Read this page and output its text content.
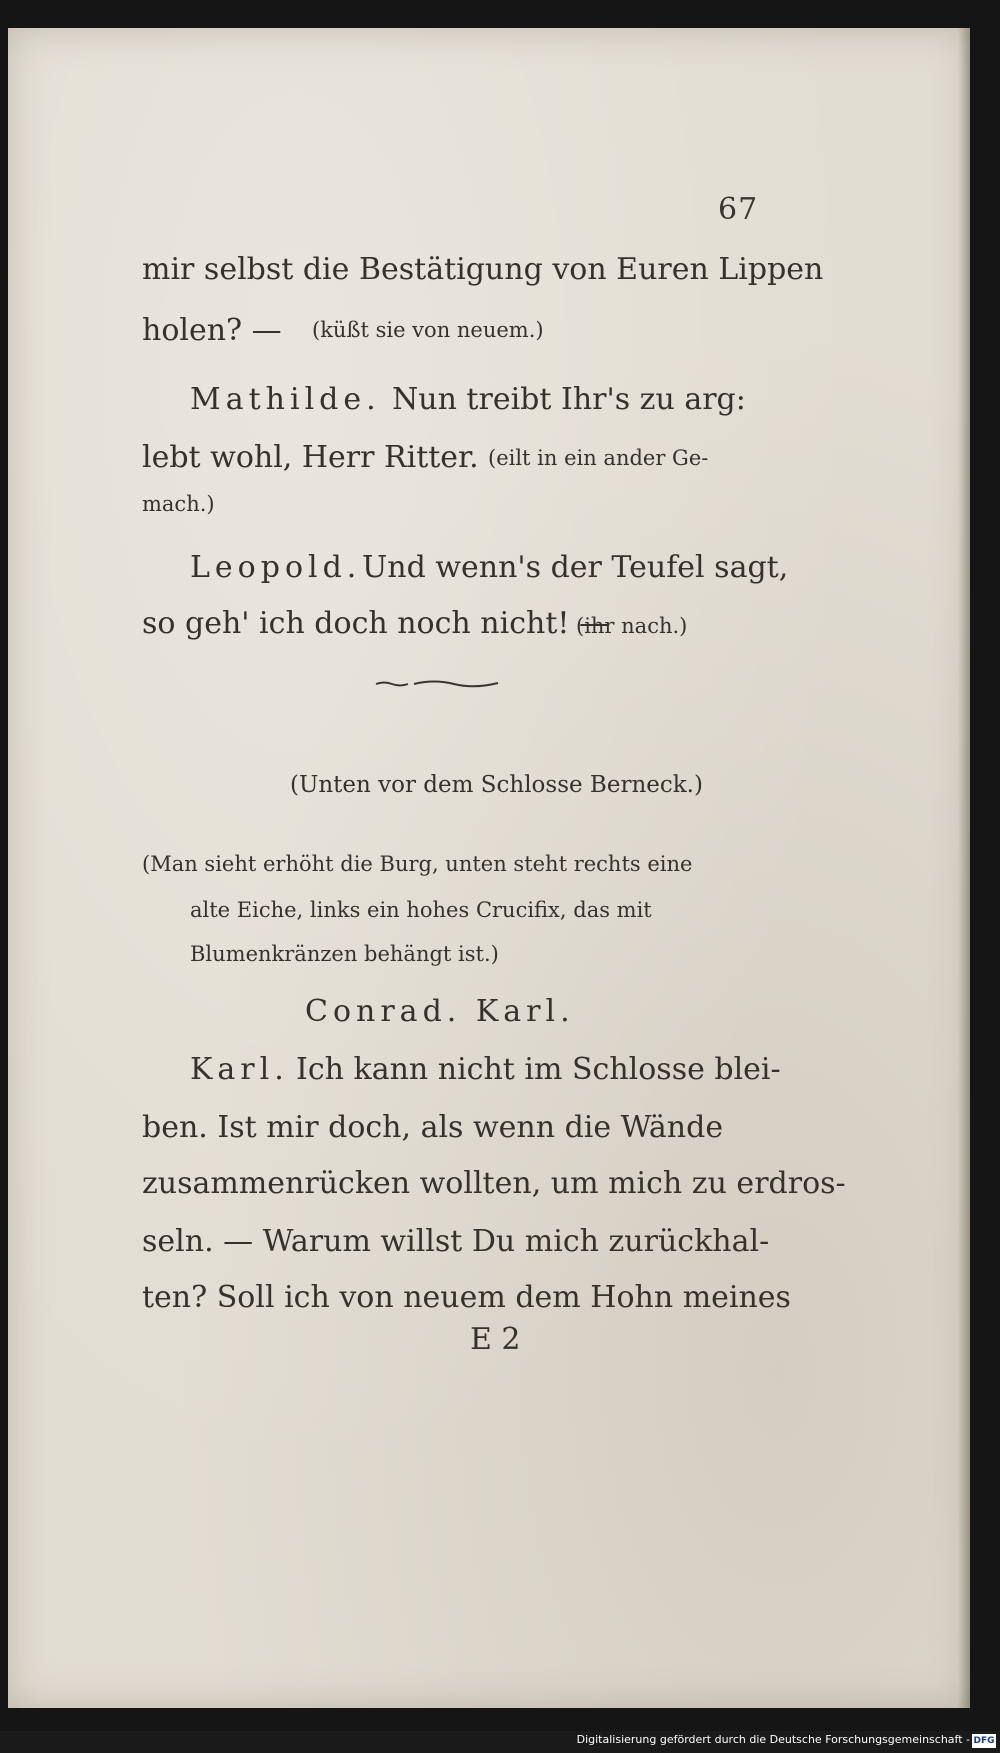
67
mir selbst die Bestätigung von Euren Lippen
holen? — (küßt sie von neuem.)
Mathilde. Nun treibt Ihr's zu arg:
lebt wohl, Herr Ritter. (eilt in ein ander Ge-
mach.)
Leopold. Und wenn's der Teufel sagt,
so geh' ich doch noch nicht! —
(ihr nach.)
(Unten vor dem Schlosse Berneck.)
(Man sieht erhöht die Burg, unten steht rechts eine
alte Eiche, links ein hohes Crucifix, das mit
Blumenkränzen behängt ist.)
Conrad. Karl.
Karl. Ich kann nicht im Schlosse blei-
ben. Ist mir doch, als wenn die Wände
zusammenrücken wollten, um mich zu erdros-
seln. — Warum willst Du mich zurückhal-
ten? Soll ich von neuem dem Hohn meines
E 2
Digitalisierung gefördert durch die Deutsche Forschungsgemeinschaft - DFG
